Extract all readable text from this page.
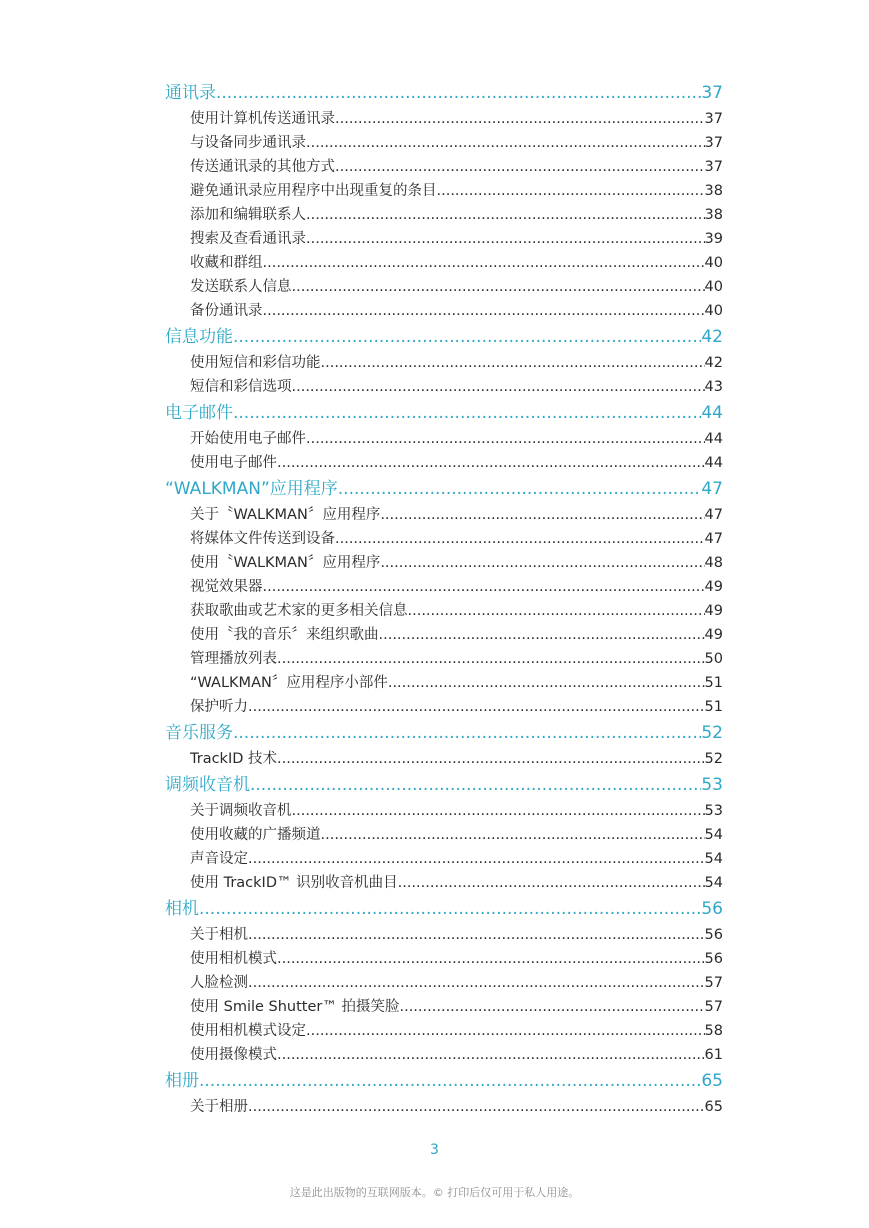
通讯录 .....	37
使用计算机传送通讯录 .....	37
与设备同步通讯录 .....	37
传送通讯录的其他方式 .....	37
避免通讯录应用程序中出现重复的条目 .....	38
添加和编辑联系人 .....	38
搜索及查看通讯录 .....	39
收藏和群组 .....	40
发送联系人信息 .....	40
备份通讯录 .....	40
信息功能 .....	42
使用短信和彩信功能 .....	42
短信和彩信选项 .....	43
电子邮件 .....	44
开始使用电子邮件 .....	44
使用电子邮件 .....	44
“WALKMAN”应用程序 .....	47
关于〝WALKMAN〞应用程序 .....	47
将媒体文件传送到设备 .....	47
使用〝WALKMAN〞应用程序 .....	48
视觉效果器 .....	49
获取歌曲或艺术家的更多相关信息 .....	49
使用〝我的音乐〞来组织歌曲 .....	49
管理播放列表 .....	50
“WALKMAN〞应用程序小部件 .....	51
保护听力 .....	51
音乐服务 .....	52
TrackID 技术 .....	52
调频收音机 .....	53
关于调频收音机 .....	53
使用收藏的广播频道 .....	54
声音设定 .....	54
使用 TrackID™ 识别收音机曲目 .....	54
相机 .....	56
关于相机 .....	56
使用相机模式 .....	56
人脸检测 .....	57
使用 Smile Shutter™ 拍摄笑脸 .....	57
使用相机模式设定 .....	58
使用摄像模式 .....	61
相册 .....	65
关于相册 .....	65
3
这是此出版物的互联网版本。© 打印后仅可用于私人用途。
